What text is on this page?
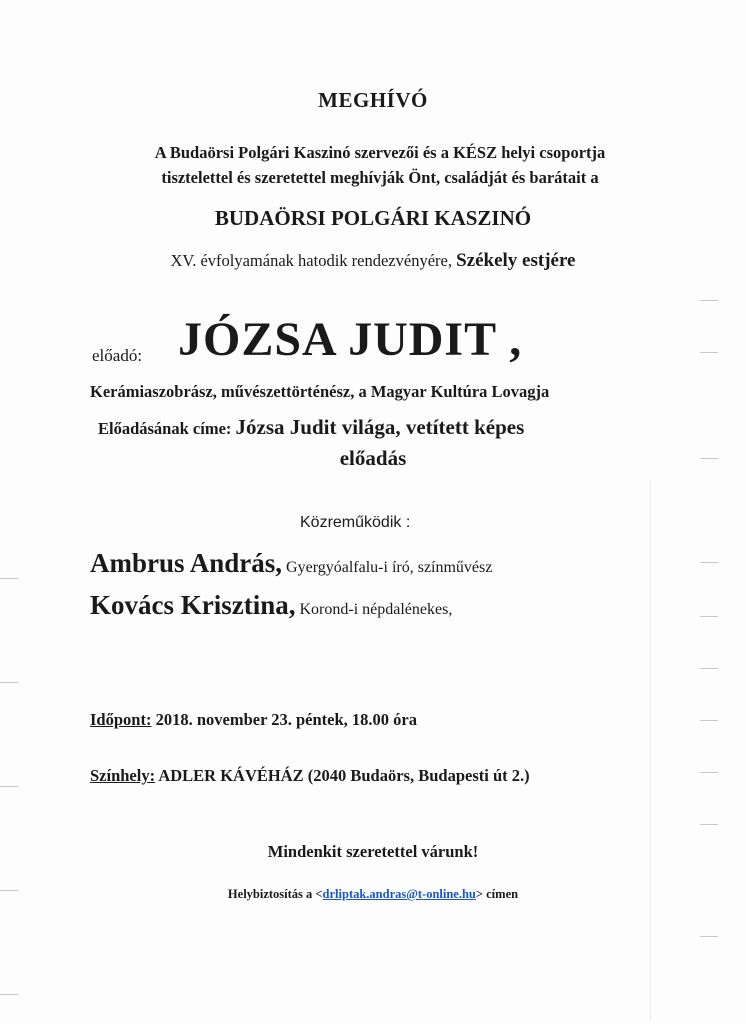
MEGHÍVÓ
A Budaörsi Polgári Kaszinó szervezői és a KÉSZ helyi csoportja
tisztelettel és szeretettel meghívják Önt, családját és barátait a
BUDAÖRSI POLGÁRI KASZINÓ
XV. évfolyamának hatodik rendezvényére, Székely estjére
előadó: JÓZSA JUDIT ,
Kerámiaszobrász, művészettörténész, a Magyar Kultúra Lovagja
Előadásának címe: Józsa Judit világa, vetített képes
előadás
Közreműködik :
Ambrus András, Gyergyóalfalu-i író, színművész
Kovács Krisztina, Korond-i népdalénekes,
Időpont: 2018. november 23. péntek, 18.00 óra
Színhely: ADLER KÁVÉHÁZ (2040 Budaörs, Budapesti út 2.)
Mindenkit szeretettel várunk!
Helybiztosítás a <drliptak.andras@t-online.hu> címen
